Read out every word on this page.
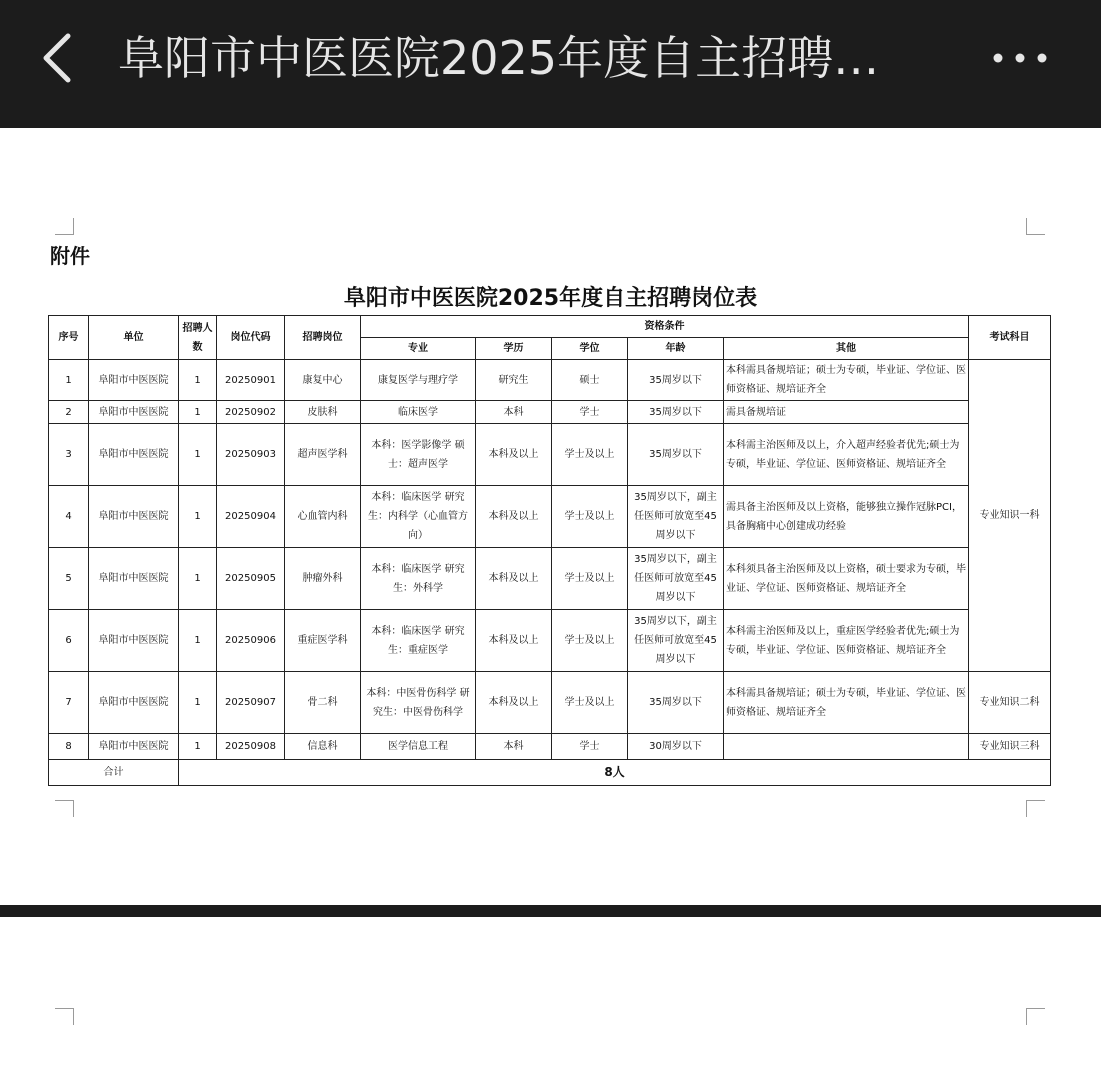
阜阳市中医医院2025年度自主招聘…
附件
阜阳市中医医院2025年度自主招聘岗位表
序号	单位	招聘人数	岗位代码	招聘岗位	资格条件					考试科目
					专业	学历	学位	年龄	其他	
1	阜阳市中医医院	1	20250901	康复中心	康复医学与理疗学	研究生	硕士	35周岁以下	本科需具备规培证；硕士为专硕，毕业证、学位证、医师资格证、规培证齐全	专业知识一科
2	阜阳市中医医院	1	20250902	皮肤科	临床医学	本科	学士	35周岁以下	需具备规培证	
3	阜阳市中医医院	1	20250903	超声医学科	本科：医学影像学 硕士：超声医学	本科及以上	学士及以上	35周岁以下	本科需主治医师及以上，介入超声经验者优先;硕士为专硕，毕业证、学位证、医师资格证、规培证齐全	
4	阜阳市中医医院	1	20250904	心血管内科	本科：临床医学 研究生：内科学（心血管方向）	本科及以上	学士及以上	35周岁以下，副主任医师可放宽至45周岁以下	需具备主治医师及以上资格，能够独立操作冠脉PCI，具备胸痛中心创建成功经验	
5	阜阳市中医医院	1	20250905	肿瘤外科	本科：临床医学 研究生：外科学	本科及以上	学士及以上	35周岁以下，副主任医师可放宽至45周岁以下	本科须具备主治医师及以上资格，硕士要求为专硕，毕业证、学位证、医师资格证、规培证齐全	
6	阜阳市中医医院	1	20250906	重症医学科	本科：临床医学 研究生：重症医学	本科及以上	学士及以上	35周岁以下，副主任医师可放宽至45周岁以下	本科需主治医师及以上，重症医学经验者优先;硕士为专硕，毕业证、学位证、医师资格证、规培证齐全	
7	阜阳市中医医院	1	20250907	骨二科	本科：中医骨伤科学 研究生：中医骨伤科学	本科及以上	学士及以上	35周岁以下	本科需具备规培证；硕士为专硕，毕业证、学位证、医师资格证、规培证齐全	专业知识二科
8	阜阳市中医医院	1	20250908	信息科	医学信息工程	本科	学士	30周岁以下		专业知识三科
合计		8人								
